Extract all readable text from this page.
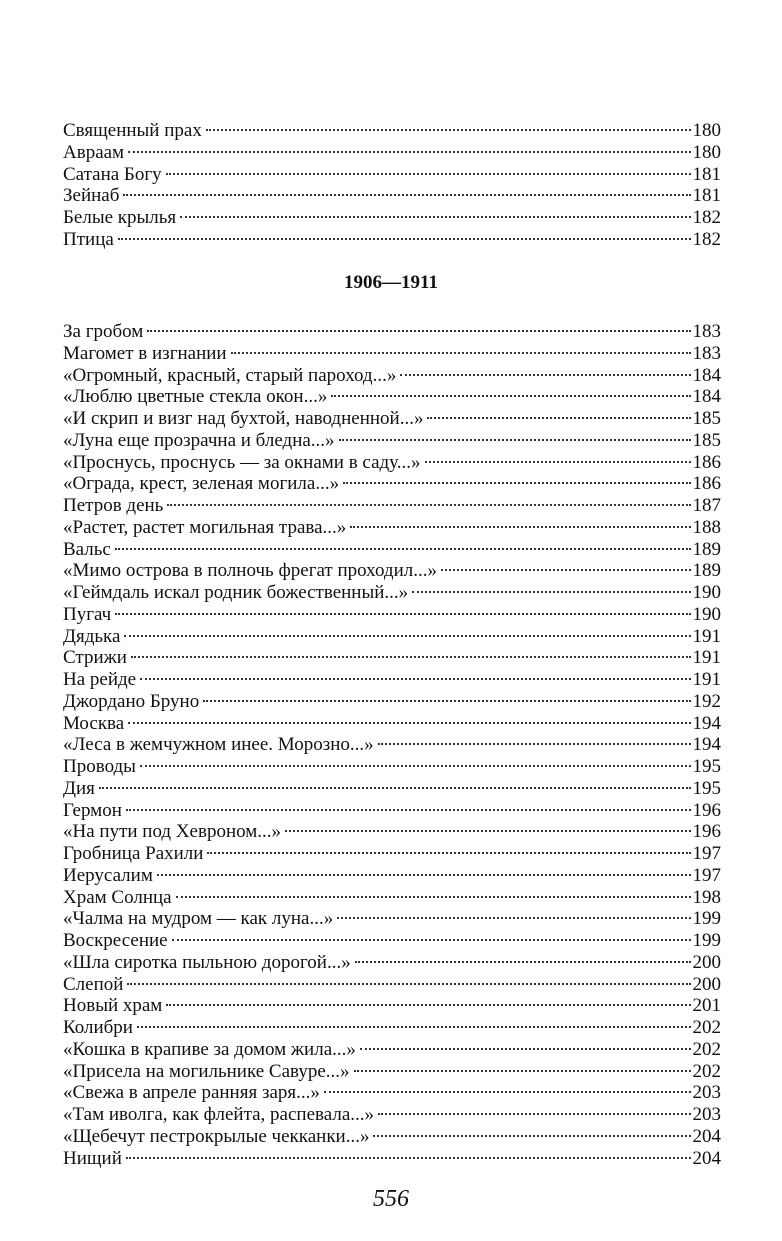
Священный прах	180
Авраам	180
Сатана Богу	181
Зейнаб	181
Белые крылья	182
Птица	182
1906—1911
За гробом	183
Магомет в изгнании	183
«Огромный, красный, старый пароход...»	184
«Люблю цветные стекла окон...»	184
«И скрип и визг над бухтой, наводненной...»	185
«Луна еще прозрачна и бледна...»	185
«Проснусь, проснусь — за окнами в саду...»	186
«Ограда, крест, зеленая могила...»	186
Петров день	187
«Растет, растет могильная трава...»	188
Вальс	189
«Мимо острова в полночь фрегат проходил...»	189
«Геймдаль искал родник божественный...»	190
Пугач	190
Дядька	191
Стрижи	191
На рейде	191
Джордано Бруно	192
Москва	194
«Леса в жемчужном инее. Морозно...»	194
Проводы	195
Дия	195
Гермон	196
«На пути под Хевроном...»	196
Гробница Рахили	197
Иерусалим	197
Храм Солнца	198
«Чалма на мудром — как луна...»	199
Воскресение	199
«Шла сиротка пыльною дорогой...»	200
Слепой	200
Новый храм	201
Колибри	202
«Кошка в крапиве за домом жила...»	202
«Присела на могильнике Савуре...»	202
«Свежа в апреле ранняя заря...»	203
«Там иволга, как флейта, распевала...»	203
«Щебечут пестрокрылые чекканки...»	204
Нищий	204
556
